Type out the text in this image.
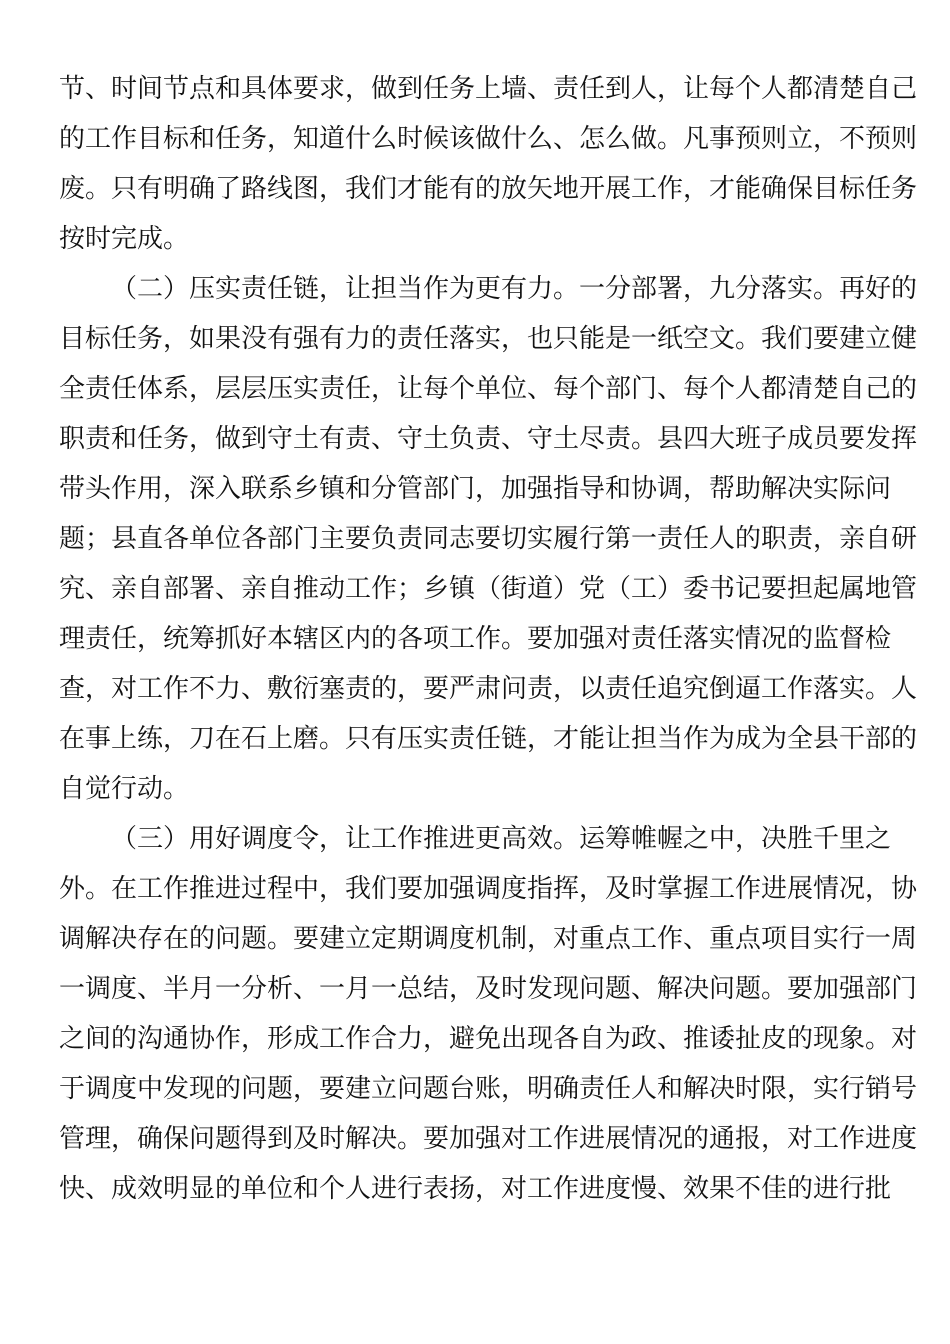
节、时间节点和具体要求，做到任务上墙、责任到人，让每个人都清楚自己
的工作目标和任务，知道什么时候该做什么、怎么做。凡事预则立，不预则
废。只有明确了路线图，我们才能有的放矢地开展工作，才能确保目标任务
按时完成。
（二）压实责任链，让担当作为更有力。一分部署，九分落实。再好的
目标任务，如果没有强有力的责任落实，也只能是一纸空文。我们要建立健
全责任体系，层层压实责任，让每个单位、每个部门、每个人都清楚自己的
职责和任务，做到守土有责、守土负责、守土尽责。县四大班子成员要发挥
带头作用，深入联系乡镇和分管部门，加强指导和协调，帮助解决实际问
题；县直各单位各部门主要负责同志要切实履行第一责任人的职责，亲自研
究、亲自部署、亲自推动工作；乡镇（街道）党（工）委书记要担起属地管
理责任，统筹抓好本辖区内的各项工作。要加强对责任落实情况的监督检
查，对工作不力、敷衍塞责的，要严肃问责，以责任追究倒逼工作落实。人
在事上练，刀在石上磨。只有压实责任链，才能让担当作为成为全县干部的
自觉行动。
（三）用好调度令，让工作推进更高效。运筹帷幄之中，决胜千里之
外。在工作推进过程中，我们要加强调度指挥，及时掌握工作进展情况，协
调解决存在的问题。要建立定期调度机制，对重点工作、重点项目实行一周
一调度、半月一分析、一月一总结，及时发现问题、解决问题。要加强部门
之间的沟通协作，形成工作合力，避免出现各自为政、推诿扯皮的现象。对
于调度中发现的问题，要建立问题台账，明确责任人和解决时限，实行销号
管理，确保问题得到及时解决。要加强对工作进展情况的通报，对工作进度
快、成效明显的单位和个人进行表扬，对工作进度慢、效果不佳的进行批
